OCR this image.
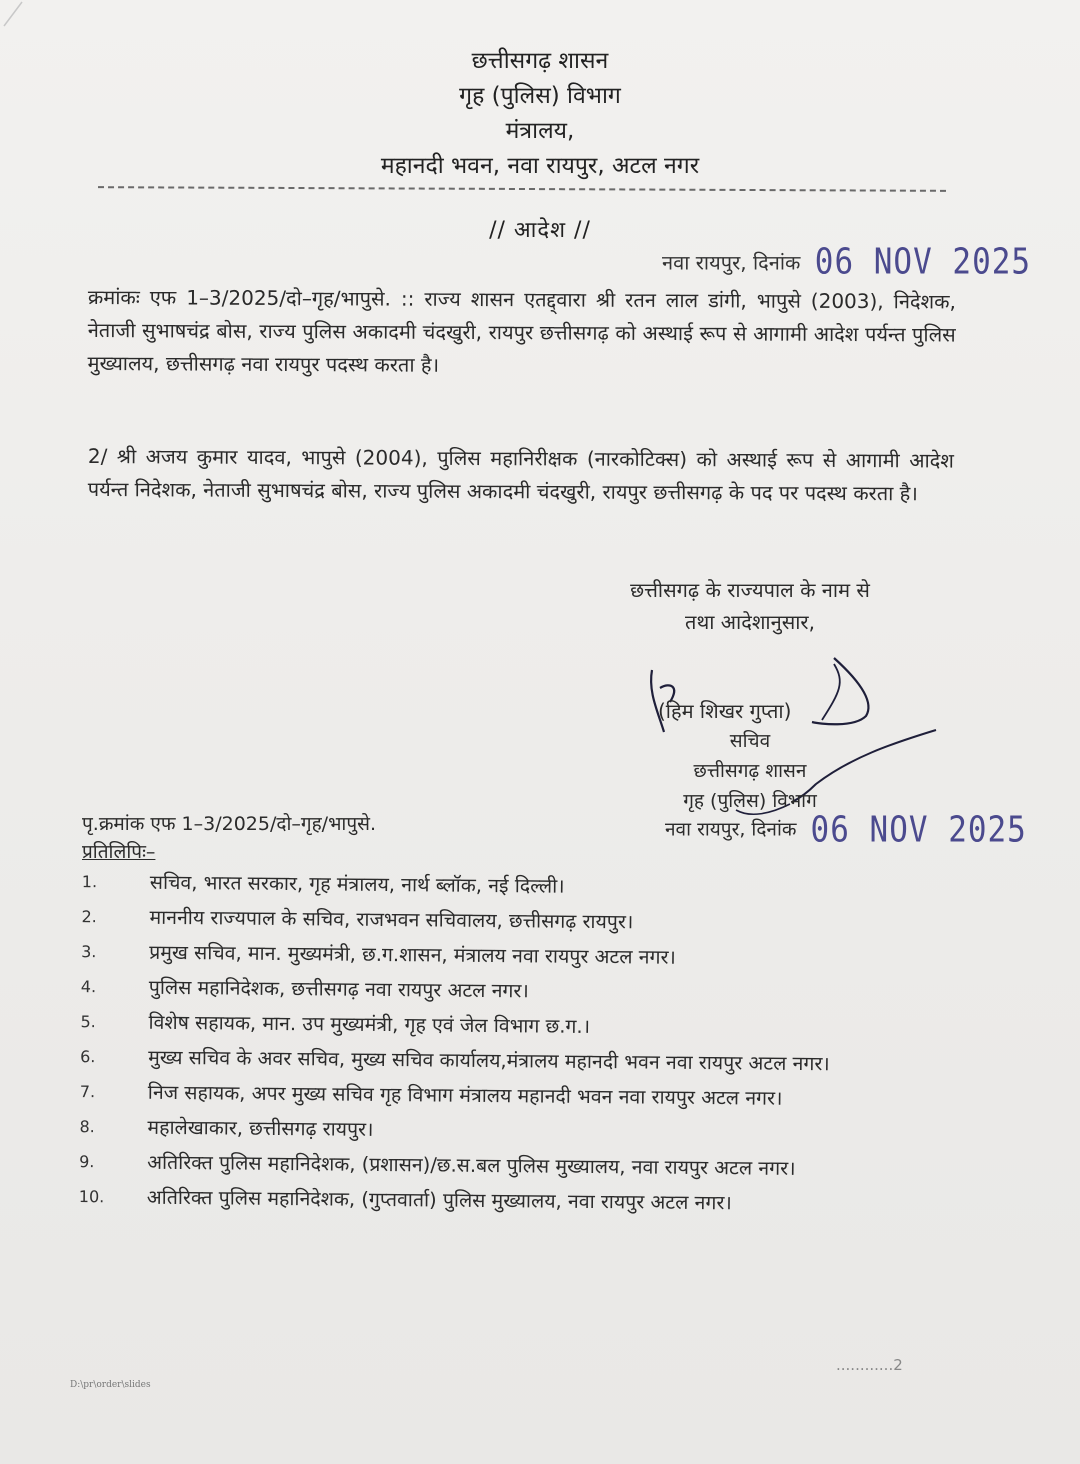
छत्तीसगढ़ शासन
गृह (पुलिस) विभाग
मंत्रालय,
महानदी भवन, नवा रायपुर, अटल नगर
// आदेश //
नवा रायपुर, दिनांक 06 NOV 2025
क्रमांकः एफ 1–3/2025/दो–गृह/भापुसे. :: राज्य शासन एतद्द्वारा श्री रतन लाल डांगी, भापुसे (2003), निदेशक, नेताजी सुभाषचंद्र बोस, राज्य पुलिस अकादमी चंदखुरी, रायपुर छत्तीसगढ़ को अस्थाई रूप से आगामी आदेश पर्यन्त पुलिस मुख्यालय, छत्तीसगढ़ नवा रायपुर पदस्थ करता है।
2/ श्री अजय कुमार यादव, भापुसे (2004), पुलिस महानिरीक्षक (नारकोटिक्स) को अस्थाई रूप से आगामी आदेश पर्यन्त निदेशक, नेताजी सुभाषचंद्र बोस, राज्य पुलिस अकादमी चंदखुरी, रायपुर छत्तीसगढ़ के पद पर पदस्थ करता है।
छत्तीसगढ़ के राज्यपाल के नाम से
तथा आदेशानुसार,
(हिम शिखर गुप्ता)
सचिव
छत्तीसगढ़ शासन
गृह (पुलिस) विभाग
नवा रायपुर, दिनांक 06 NOV 2025
पृ.क्रमांक एफ 1–3/2025/दो–गृह/भापुसे.
प्रतिलिपिः–
1.	सचिव, भारत सरकार, गृह मंत्रालय, नार्थ ब्लॉक, नई दिल्ली।
2.	माननीय राज्यपाल के सचिव, राजभवन सचिवालय, छत्तीसगढ़ रायपुर।
3.	प्रमुख सचिव, मान. मुख्यमंत्री, छ.ग.शासन, मंत्रालय नवा रायपुर अटल नगर।
4.	पुलिस महानिदेशक, छत्तीसगढ़ नवा रायपुर अटल नगर।
5.	विशेष सहायक, मान. उप मुख्यमंत्री, गृह एवं जेल विभाग छ.ग.।
6.	मुख्य सचिव के अवर सचिव, मुख्य सचिव कार्यालय,मंत्रालय महानदी भवन नवा रायपुर अटल नगर।
7.	निज सहायक, अपर मुख्य सचिव गृह विभाग मंत्रालय महानदी भवन नवा रायपुर अटल नगर।
8.	महालेखाकार, छत्तीसगढ़ रायपुर।
9.	अतिरिक्त पुलिस महानिदेशक, (प्रशासन)/छ.स.बल पुलिस मुख्यालय, नवा रायपुर अटल नगर।
10.	अतिरिक्त पुलिस महानिदेशक, (गुप्तवार्ता) पुलिस मुख्यालय, नवा रायपुर अटल नगर।
............2
D:\pr\order\slides
